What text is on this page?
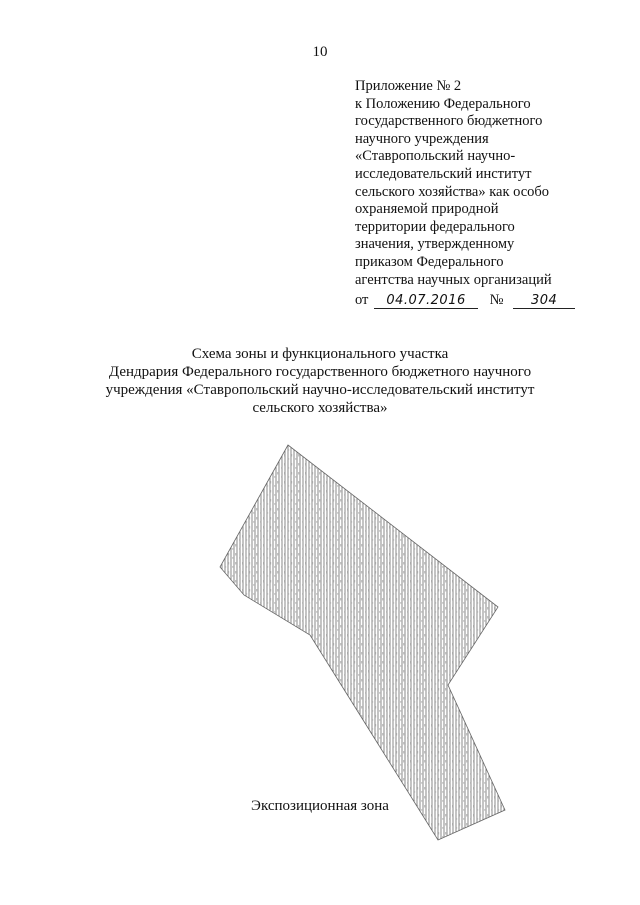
10
Приложение № 2
к Положению Федерального
государственного бюджетного
научного учреждения
«Ставропольский научно-
исследовательский институт
сельского хозяйства» как особо
охраняемой природной
территории федерального
значения, утвержденному
приказом Федерального
агентства научных организаций
от 04.07.2016 № 304
Схема зоны и функционального участка
Дендрария Федерального государственного бюджетного научного
учреждения «Ставропольский научно-исследовательский институт
сельского хозяйства»
Экспозиционная зона
